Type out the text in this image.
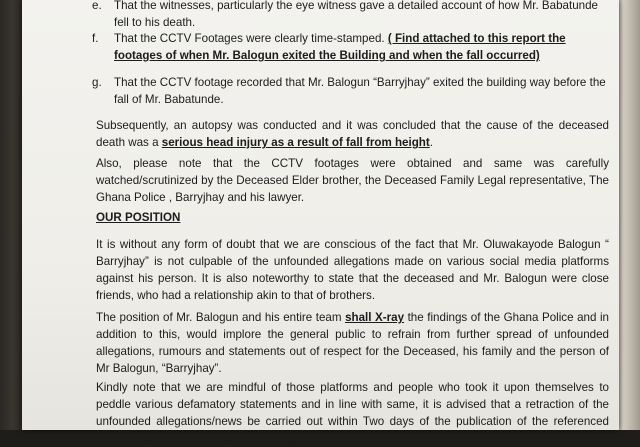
e. That the witnesses, particularly the eye witness gave a detailed account of how Mr. Babatunde fell to his death.
f. That the CCTV Footages were clearly time-stamped. ( Find attached to this report the footages of when Mr. Balogun exited the Building and when the fall occurred)
g. That the CCTV footage recorded that Mr. Balogun “Barryjhay” exited the building way before the fall of Mr. Babatunde.
Subsequently, an autopsy was conducted and it was concluded that the cause of the deceased death was a serious head injury as a result of fall from height.
Also, please note that the CCTV footages were obtained and same was carefully watched/scrutinized by the Deceased Elder brother, the Deceased Family Legal representative, The Ghana Police , Barryjhay and his lawyer.
OUR POSITION
It is without any form of doubt that we are conscious of the fact that Mr. Oluwakayode Balogun “ Barryjhay” is not culpable of the unfounded allegations made on various social media platforms against his person. It is also noteworthy to state that the deceased and Mr. Balogun were close friends, who had a relationship akin to that of brothers.
The position of Mr. Balogun and his entire team shall X-ray the findings of the Ghana Police and in addition to this, would implore the general public to refrain from further spread of unfounded allegations, rumours and statements out of respect for the Deceased, his family and the person of Mr Balogun, “Barryjhay”.
Kindly note that we are mindful of those platforms and people who took it upon themselves to peddle various defamatory statements and in line with same, it is advised that a retraction of the unfounded allegations/news be carried out within Two days of the publication of the referenced press release. Failure to act accordingly shall attract the full weight of the law.
